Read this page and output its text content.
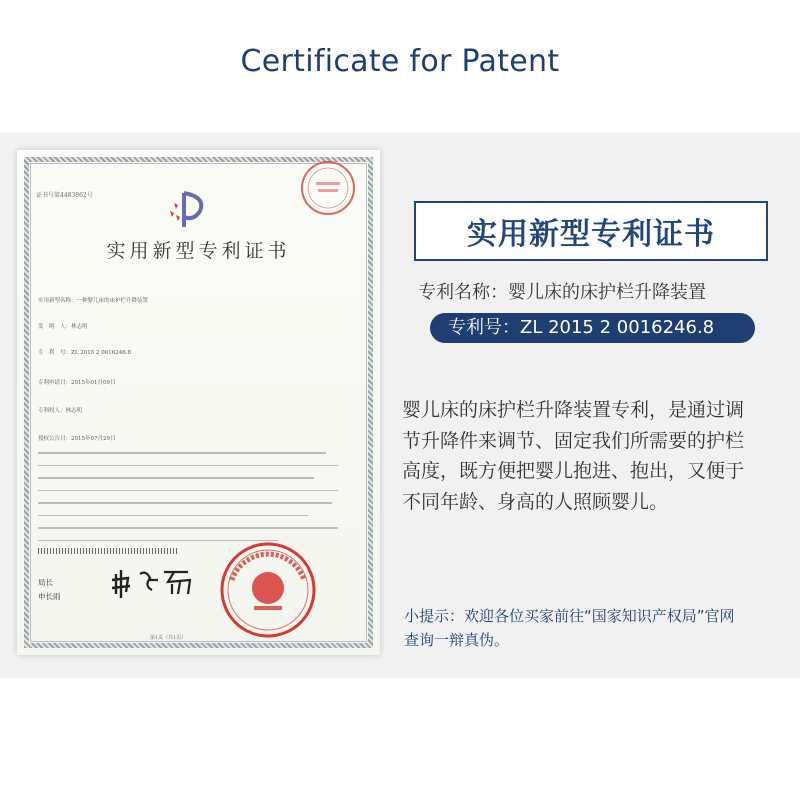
Certificate for Patent
证书号第4483862号
实用新型专利证书
实用新型名称：一种婴儿床的床护栏升降装置
发　明　人：林志明
专　利　号：ZL 2015 2 0016246.8
专利申请日：2015年01月09日
专利权人：林志明
授权公告日：2015年07月29日
局长
申长雨
第1页（共1页）
实用新型专利证书
专利名称：婴儿床的床护栏升降装置
专利号：ZL 2015 2 0016246.8
婴儿床的床护栏升降装置专利，是通过调
节升降件来调节、固定我们所需要的护栏
高度，既方便把婴儿抱进、抱出，又便于
不同年龄、身高的人照顾婴儿。
小提示：欢迎各位买家前往“国家知识产权局”官网
查询一辩真伪。
